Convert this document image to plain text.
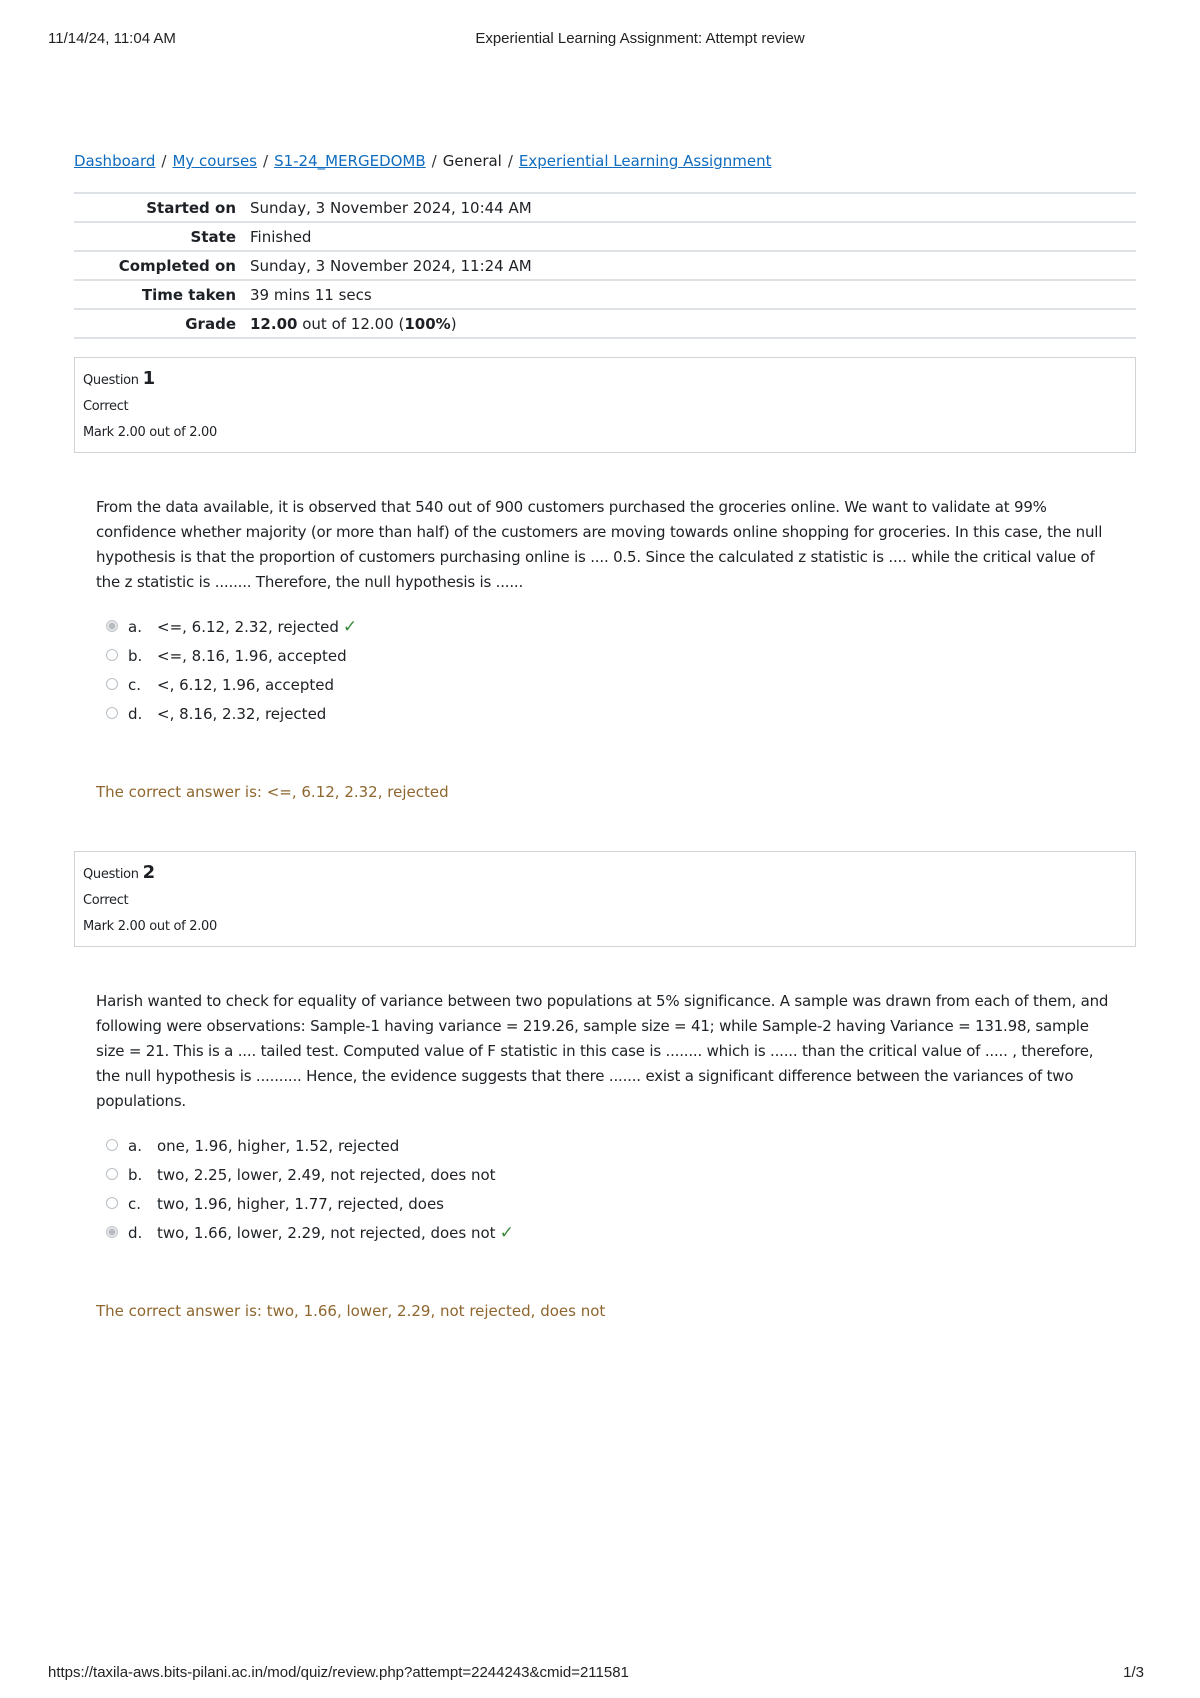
11/14/24, 11:04 AM	Experiential Learning Assignment: Attempt review
Dashboard / My courses / S1-24_MERGEDOMB / General / Experiential Learning Assignment
Started on	Sunday, 3 November 2024, 10:44 AM
State	Finished
Completed on	Sunday, 3 November 2024, 11:24 AM
Time taken	39 mins 11 secs
Grade	12.00 out of 12.00 (100%)
Question 1
Correct
Mark 2.00 out of 2.00
From the data available, it is observed that 540 out of 900 customers purchased the groceries online. We want to validate at 99% confidence whether majority (or more than half) of the customers are moving towards online shopping for groceries. In this case, the null hypothesis is that the proportion of customers purchasing online is .... 0.5. Since the calculated z statistic is .... while the critical value of the z statistic is ........ Therefore, the null hypothesis is ......
a. <=, 6.12, 2.32, rejected ✓
b. <=, 8.16, 1.96, accepted
c. <, 6.12, 1.96, accepted
d. <, 8.16, 2.32, rejected
The correct answer is: <=, 6.12, 2.32, rejected
Question 2
Correct
Mark 2.00 out of 2.00
Harish wanted to check for equality of variance between two populations at 5% significance. A sample was drawn from each of them, and following were observations: Sample-1 having variance = 219.26, sample size = 41; while Sample-2 having Variance = 131.98, sample size = 21. This is a .... tailed test. Computed value of F statistic in this case is ........ which is ...... than the critical value of ..... , therefore, the null hypothesis is .......... Hence, the evidence suggests that there ....... exist a significant difference between the variances of two populations.
a. one, 1.96, higher, 1.52, rejected
b. two, 2.25, lower, 2.49, not rejected, does not
c. two, 1.96, higher, 1.77, rejected, does
d. two, 1.66, lower, 2.29, not rejected, does not ✓
The correct answer is: two, 1.66, lower, 2.29, not rejected, does not
https://taxila-aws.bits-pilani.ac.in/mod/quiz/review.php?attempt=2244243&cmid=211581	1/3
